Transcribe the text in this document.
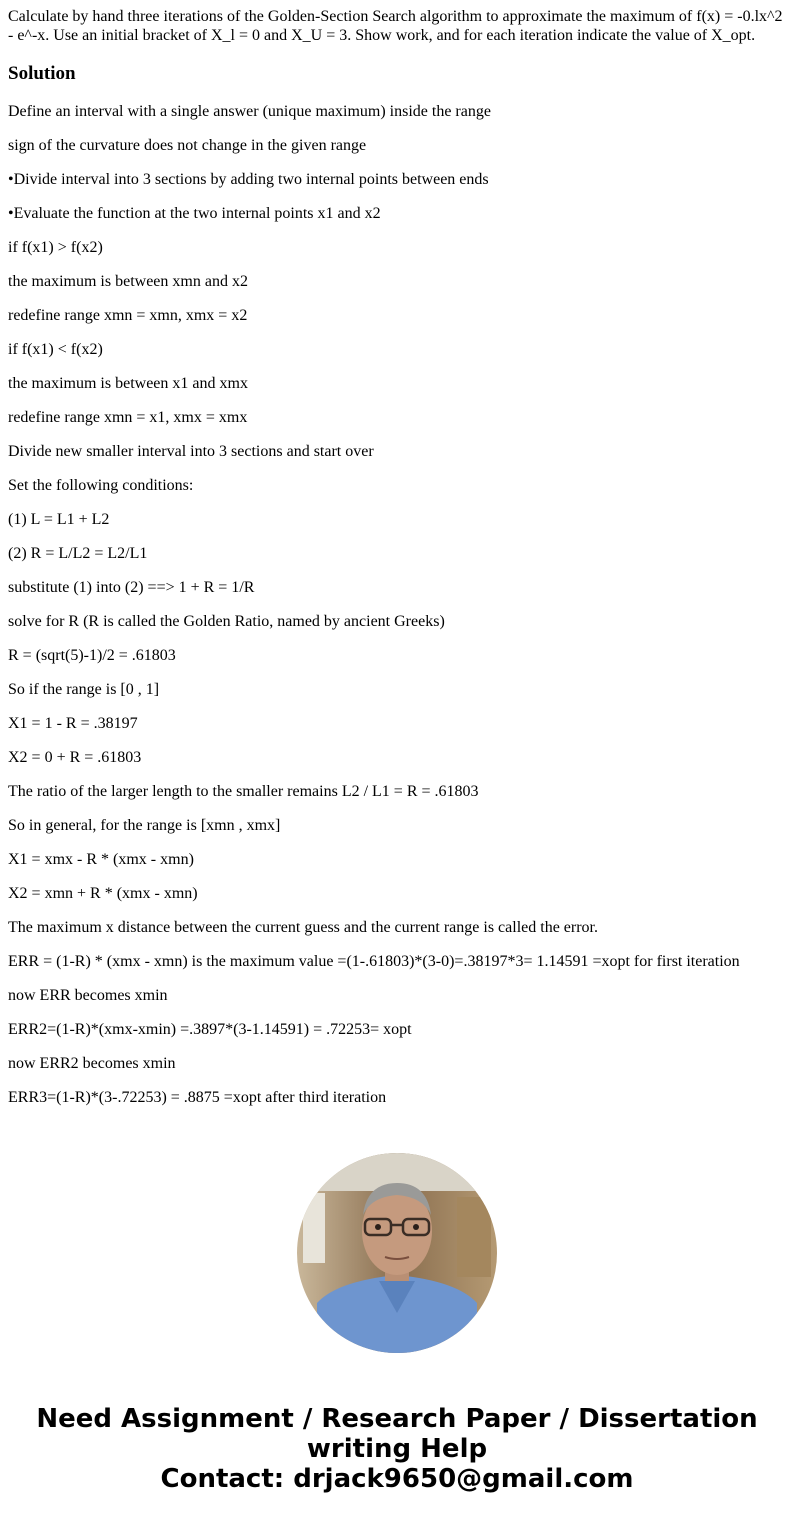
Calculate by hand three iterations of the Golden-Section Search algorithm to approximate the maximum of f(x) = -0.lx^2 - e^-x. Use an initial bracket of X_l = 0 and X_U = 3. Show work, and for each iteration indicate the value of X_opt.

Solution
Define an interval with a single answer (unique maximum) inside the range
sign of the curvature does not change in the given range
•Divide interval into 3 sections by adding two internal points between ends
•Evaluate the function at the two internal points x1 and x2
if f(x1) > f(x2)
the maximum is between xmn and x2
redefine range xmn = xmn, xmx = x2
if f(x1) < f(x2)
the maximum is between x1 and xmx
redefine range xmn = x1, xmx = xmx
Divide new smaller interval into 3 sections and start over
Set the following conditions:
(1) L = L1 + L2
(2) R = L/L2 = L2/L1
substitute (1) into (2) ==> 1 + R = 1/R
solve for R (R is called the Golden Ratio, named by ancient Greeks)
R = (sqrt(5)-1)/2 = .61803
So if the range is [0 , 1]
X1 = 1 - R = .38197
X2 = 0 + R = .61803
The ratio of the larger length to the smaller remains L2 / L1 = R = .61803
So in general, for the range is [xmn , xmx]
X1 = xmx - R * (xmx - xmn)
X2 = xmn + R * (xmx - xmn)
The maximum x distance between the current guess and the current range is called the error.
ERR = (1-R) * (xmx - xmn) is the maximum value =(1-.61803)*(3-0)=.38197*3= 1.14591 =xopt for first iteration
now ERR becomes xmin
ERR2=(1-R)*(xmx-xmin) =.3897*(3-1.14591) = .72253= xopt
now ERR2 becomes xmin
ERR3=(1-R)*(3-.72253) = .8875 =xopt after third iteration
Need Assignment / Research Paper / Dissertation
writing Help
Contact: drjack9650@gmail.com
